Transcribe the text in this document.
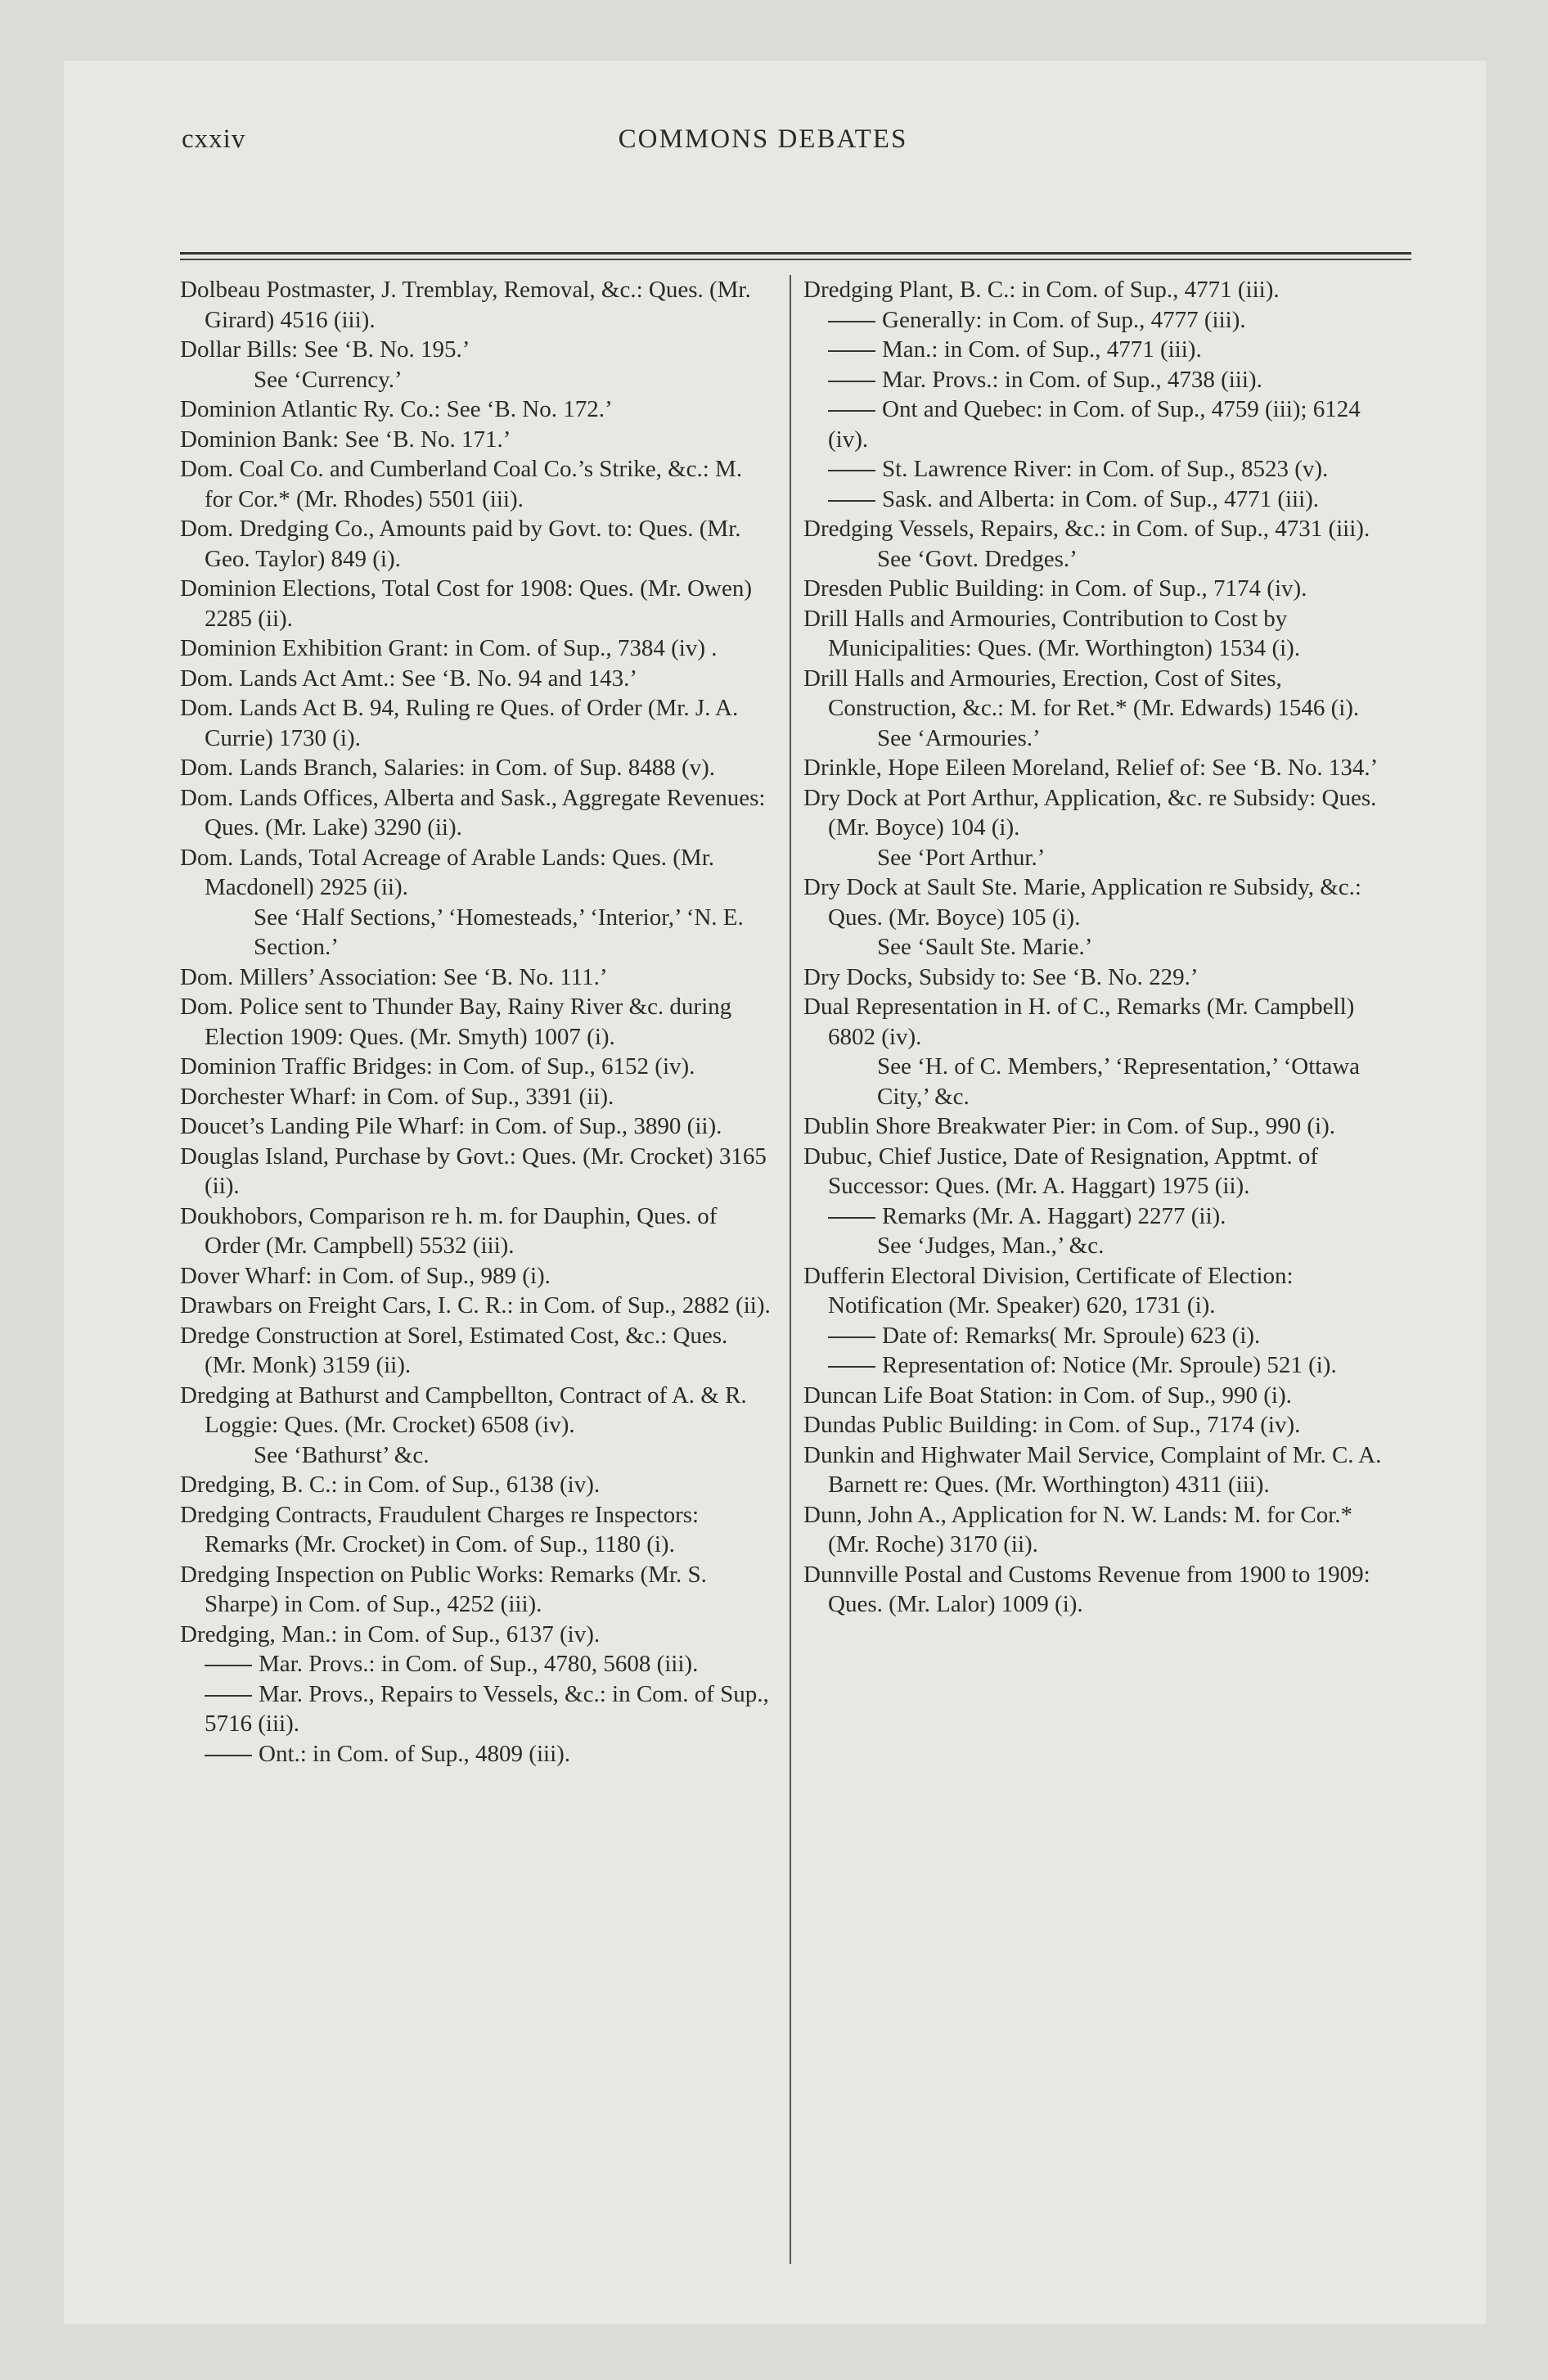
cxxiv	COMMONS DEBATES

Dolbeau Postmaster, J. Tremblay, Removal, &c.: Ques. (Mr. Girard) 4516 (iii).

Dollar Bills: See ‘B. No. 195.’

See ‘Currency.’

Dominion Atlantic Ry. Co.: See ‘B. No. 172.’

Dominion Bank: See ‘B. No. 171.’

Dom. Coal Co. and Cumberland Coal Co.’s Strike, &c.: M. for Cor.* (Mr. Rhodes) 5501 (iii).

Dom. Dredging Co., Amounts paid by Govt. to: Ques. (Mr. Geo. Taylor) 849 (i).

Dominion Elections, Total Cost for 1908: Ques. (Mr. Owen) 2285 (ii).

Dominion Exhibition Grant: in Com. of Sup., 7384 (iv) .

Dom. Lands Act Amt.: See ‘B. No. 94 and 143.’

Dom. Lands Act B. 94, Ruling re Ques. of Order (Mr. J. A. Currie) 1730 (i).

Dom. Lands Branch, Salaries: in Com. of Sup. 8488 (v).

Dom. Lands Offices, Alberta and Sask., Aggregate Revenues: Ques. (Mr. Lake) 3290 (ii).

Dom. Lands, Total Acreage of Arable Lands: Ques. (Mr. Macdonell) 2925 (ii).

See ‘Half Sections,’ ‘Homesteads,’ ‘Interior,’ ‘N. E. Section.’

Dom. Millers’ Association: See ‘B. No. 111.’

Dom. Police sent to Thunder Bay, Rainy River &c. during Election 1909: Ques. (Mr. Smyth) 1007 (i).

Dominion Traffic Bridges: in Com. of Sup., 6152 (iv).

Dorchester Wharf: in Com. of Sup., 3391 (ii).

Doucet’s Landing Pile Wharf: in Com. of Sup., 3890 (ii).

Douglas Island, Purchase by Govt.: Ques. (Mr. Crocket) 3165 (ii).

Doukhobors, Comparison re h. m. for Dauphin, Ques. of Order (Mr. Campbell) 5532 (iii).

Dover Wharf: in Com. of Sup., 989 (i).

Drawbars on Freight Cars, I. C. R.: in Com. of Sup., 2882 (ii).

Dredge Construction at Sorel, Estimated Cost, &c.: Ques. (Mr. Monk) 3159 (ii).

Dredging at Bathurst and Campbellton, Contract of A. & R. Loggie: Ques. (Mr. Crocket) 6508 (iv).

See ‘Bathurst’ &c.

Dredging, B. C.: in Com. of Sup., 6138 (iv).

Dredging Contracts, Fraudulent Charges re Inspectors: Remarks (Mr. Crocket) in Com. of Sup., 1180 (i).

Dredging Inspection on Public Works: Remarks (Mr. S. Sharpe) in Com. of Sup., 4252 (iii).

Dredging, Man.: in Com. of Sup., 6137 (iv).

Mar. Provs.: in Com. of Sup., 4780, 5608 (iii).

Mar. Provs., Repairs to Vessels, &c.: in Com. of Sup., 5716 (iii).

Ont.: in Com. of Sup., 4809 (iii).

Dredging Plant, B. C.: in Com. of Sup., 4771 (iii).

Generally: in Com. of Sup., 4777 (iii).

Man.: in Com. of Sup., 4771 (iii).

Mar. Provs.: in Com. of Sup., 4738 (iii).

Ont and Quebec: in Com. of Sup., 4759 (iii); 6124 (iv).

St. Lawrence River: in Com. of Sup., 8523 (v).

Sask. and Alberta: in Com. of Sup., 4771 (iii).

Dredging Vessels, Repairs, &c.: in Com. of Sup., 4731 (iii).

See ‘Govt. Dredges.’

Dresden Public Building: in Com. of Sup., 7174 (iv).

Drill Halls and Armouries, Contribution to Cost by Municipalities: Ques. (Mr. Worthington) 1534 (i).

Drill Halls and Armouries, Erection, Cost of Sites, Construction, &c.: M. for Ret.* (Mr. Edwards) 1546 (i).

See ‘Armouries.’

Drinkle, Hope Eileen Moreland, Relief of: See ‘B. No. 134.’

Dry Dock at Port Arthur, Application, &c. re Subsidy: Ques. (Mr. Boyce) 104 (i).

See ‘Port Arthur.’

Dry Dock at Sault Ste. Marie, Application re Subsidy, &c.: Ques. (Mr. Boyce) 105 (i).

See ‘Sault Ste. Marie.’

Dry Docks, Subsidy to: See ‘B. No. 229.’

Dual Representation in H. of C., Remarks (Mr. Campbell) 6802 (iv).

See ‘H. of C. Members,’ ‘Representation,’ ‘Ottawa City,’ &c.

Dublin Shore Breakwater Pier: in Com. of Sup., 990 (i).

Dubuc, Chief Justice, Date of Resignation, Apptmt. of Successor: Ques. (Mr. A. Haggart) 1975 (ii).

Remarks (Mr. A. Haggart) 2277 (ii).

See ‘Judges, Man.,’ &c.

Dufferin Electoral Division, Certificate of Election: Notification (Mr. Speaker) 620, 1731 (i).

Date of: Remarks( Mr. Sproule) 623 (i).

Representation of: Notice (Mr. Sproule) 521 (i).

Duncan Life Boat Station: in Com. of Sup., 990 (i).

Dundas Public Building: in Com. of Sup., 7174 (iv).

Dunkin and Highwater Mail Service, Complaint of Mr. C. A. Barnett re: Ques. (Mr. Worthington) 4311 (iii).

Dunn, John A., Application for N. W. Lands: M. for Cor.* (Mr. Roche) 3170 (ii).

Dunnville Postal and Customs Revenue from 1900 to 1909: Ques. (Mr. Lalor) 1009 (i).
